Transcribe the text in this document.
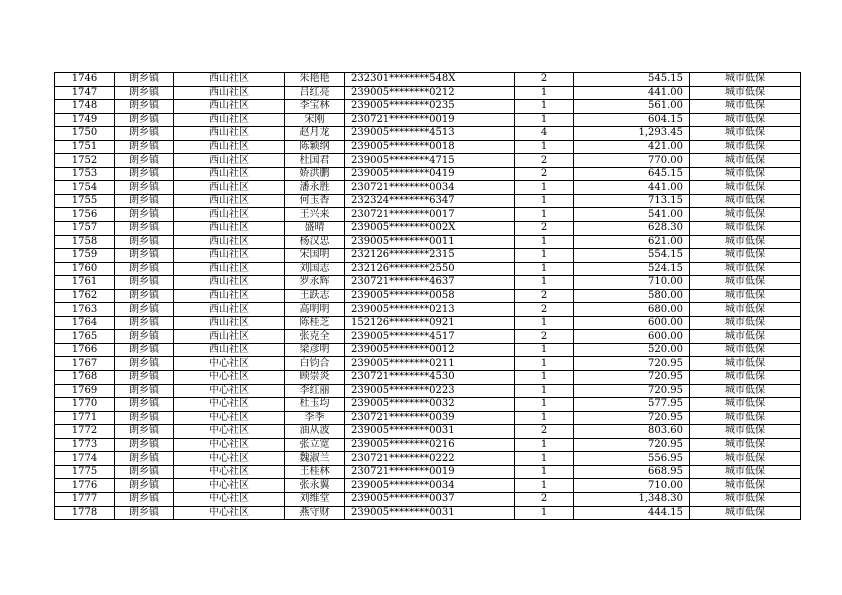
1746	朗乡镇	西山社区	朱艳艳	232301********548X	2	545.15	城市低保
1747	朗乡镇	西山社区	吕红亮	239005********0212	1	441.00	城市低保
1748	朗乡镇	西山社区	李宝林	239005********0235	1	561.00	城市低保
1749	朗乡镇	西山社区	宋刚	230721********0019	1	604.15	城市低保
1750	朗乡镇	西山社区	赵月龙	239005********4513	4	1,293.45	城市低保
1751	朗乡镇	西山社区	陈颖纲	239005********0018	1	421.00	城市低保
1752	朗乡镇	西山社区	杜国君	239005********4715	2	770.00	城市低保
1753	朗乡镇	西山社区	娇洪鹏	239005********0419	2	645.15	城市低保
1754	朗乡镇	西山社区	潘永胜	230721********0034	1	441.00	城市低保
1755	朗乡镇	西山社区	何玉香	232324********6347	1	713.15	城市低保
1756	朗乡镇	西山社区	王兴来	230721********0017	1	541.00	城市低保
1757	朗乡镇	西山社区	盛晴	239005********002X	2	628.30	城市低保
1758	朗乡镇	西山社区	杨汉忠	239005********0011	1	621.00	城市低保
1759	朗乡镇	西山社区	宋国明	232126********2315	1	554.15	城市低保
1760	朗乡镇	西山社区	刘国志	232126********2550	1	524.15	城市低保
1761	朗乡镇	西山社区	罗永辉	230721********4637	1	710.00	城市低保
1762	朗乡镇	西山社区	王跃志	239005********0058	2	580.00	城市低保
1763	朗乡镇	西山社区	高明明	239005********0213	2	680.00	城市低保
1764	朗乡镇	西山社区	陈桂芝	152126********0921	1	600.00	城市低保
1765	朗乡镇	西山社区	张克全	239005********4517	2	600.00	城市低保
1766	朗乡镇	西山社区	梁彦明	239005********0012	1	520.00	城市低保
1767	朗乡镇	中心社区	白钧合	239005********0211	1	720.95	城市低保
1768	朗乡镇	中心社区	顾崇炎	230721********4530	1	720.95	城市低保
1769	朗乡镇	中心社区	李红丽	239005********0223	1	720.95	城市低保
1770	朗乡镇	中心社区	杜玉均	239005********0032	1	577.95	城市低保
1771	朗乡镇	中心社区	李季	230721********0039	1	720.95	城市低保
1772	朗乡镇	中心社区	油从波	239005********0031	2	803.60	城市低保
1773	朗乡镇	中心社区	张立宽	239005********0216	1	720.95	城市低保
1774	朗乡镇	中心社区	魏淑兰	230721********0222	1	556.95	城市低保
1775	朗乡镇	中心社区	王桂林	230721********0019	1	668.95	城市低保
1776	朗乡镇	中心社区	张永翼	239005********0034	1	710.00	城市低保
1777	朗乡镇	中心社区	刘维堂	239005********0037	2	1,348.30	城市低保
1778	朗乡镇	中心社区	燕守财	239005********0031	1	444.15	城市低保
